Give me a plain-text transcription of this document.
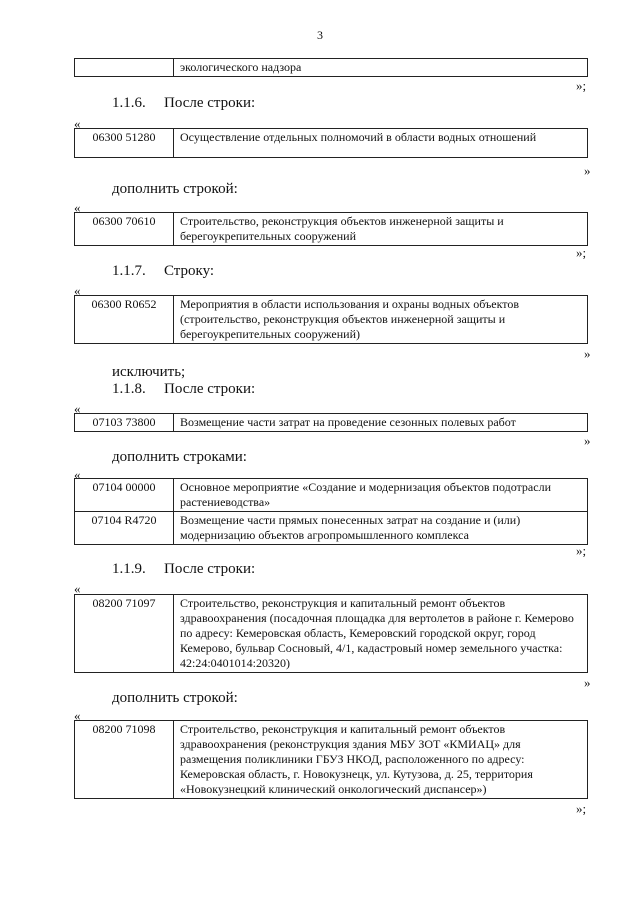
3
	экологического надзора
»;
1.1.6. После строки:
«
06300 51280	Осуществление отдельных полномочий в области водных отношений
»
дополнить строкой:
«
06300 70610	Строительство, реконструкция объектов инженерной защиты и берегоукрепительных сооружений
»;
1.1.7. Строку:
«
06300 R0652	Мероприятия в области использования и охраны водных объектов (строительство, реконструкция объектов инженерной защиты и берегоукрепительных сооружений)
»
исключить;
1.1.8. После строки:
«
07103 73800	Возмещение части затрат на проведение сезонных полевых работ
»
дополнить строками:
«
07104 00000	Основное мероприятие «Создание и модернизация объектов подотрасли растениеводства»
07104 R4720	Возмещение части прямых понесенных затрат на создание и (или) модернизацию объектов агропромышленного комплекса
»;
1.1.9. После строки:
«
08200 71097	Строительство, реконструкция и капитальный ремонт объектов здравоохранения (посадочная площадка для вертолетов в районе г. Кемерово по адресу: Кемеровская область, Кемеровский городской округ, город Кемерово, бульвар Сосновый, 4/1, кадастровый номер земельного участка: 42:24:0401014:20320)
»
дополнить строкой:
«
08200 71098	Строительство, реконструкция и капитальный ремонт объектов здравоохранения (реконструкция здания МБУ ЗОТ «КМИАЦ» для размещения поликлиники ГБУЗ НКОД, расположенного по адресу: Кемеровская область, г. Новокузнецк, ул. Кутузова, д. 25, территория «Новокузнецкий клинический онкологический диспансер»)
»;
